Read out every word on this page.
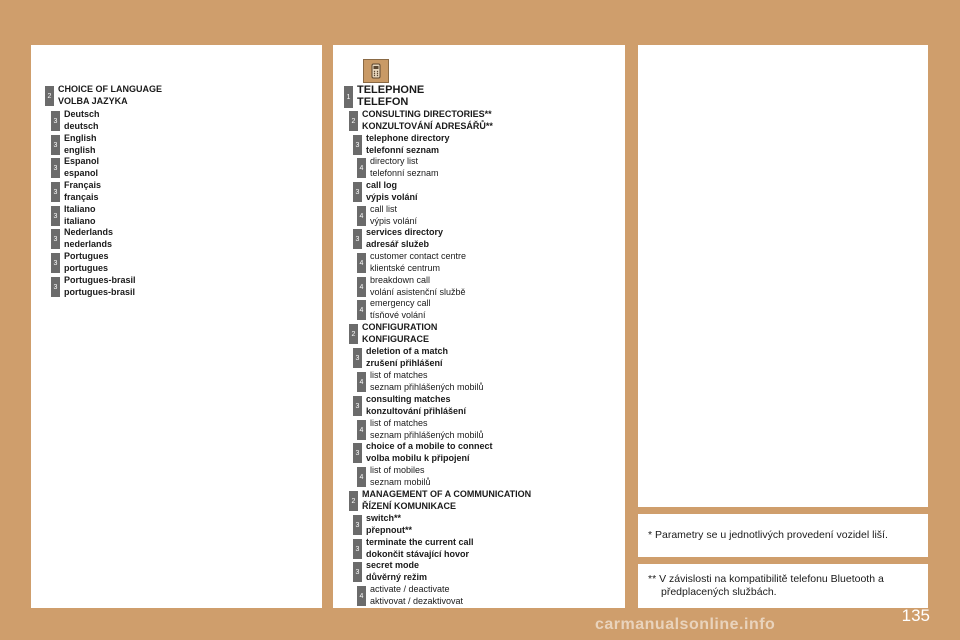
* Parametry se u jednotlivých provedení vozidel liší.
** V závislosti na kompatibilitě telefonu Bluetooth a
předplacených službách.
2
CHOICE OF LANGUAGE
VOLBA JAZYKA
3
Deutsch
deutsch
3
English
english
3
Espanol
espanol
3
Français
français
3
Italiano
italiano
3
Nederlands
nederlands
3
Portugues
portugues
3
Portugues-brasil
portugues-brasil
1
TELEPHONE
TELEFON
2
CONSULTING DIRECTORIES**
KONZULTOVÁNÍ ADRESÁŘŮ**
3
telephone directory
telefonní seznam
4
directory list
telefonní seznam
3
call log
výpis volání
4
call list
výpis volání
3
services directory
adresář služeb
4
customer contact centre
klientské centrum
4
breakdown call
volání asistenční službě
4
emergency call
tísňové volání
2
CONFIGURATION
KONFIGURACE
3
deletion of a match
zrušení přihlášení
4
list of matches
seznam přihlášených mobilů
3
consulting matches
konzultování přihlášení
4
list of matches
seznam přihlášených mobilů
3
choice of a mobile to connect
volba mobilu k připojení
4
list of mobiles
seznam mobilů
2
MANAGEMENT OF A COMMUNICATION
ŘÍZENÍ KOMUNIKACE
3
switch**
přepnout**
3
terminate the current call
dokončit stávající hovor
3
secret mode
důvěrný režim
4
activate / deactivate
aktivovat / dezaktivovat
135
carmanualsonline.info
